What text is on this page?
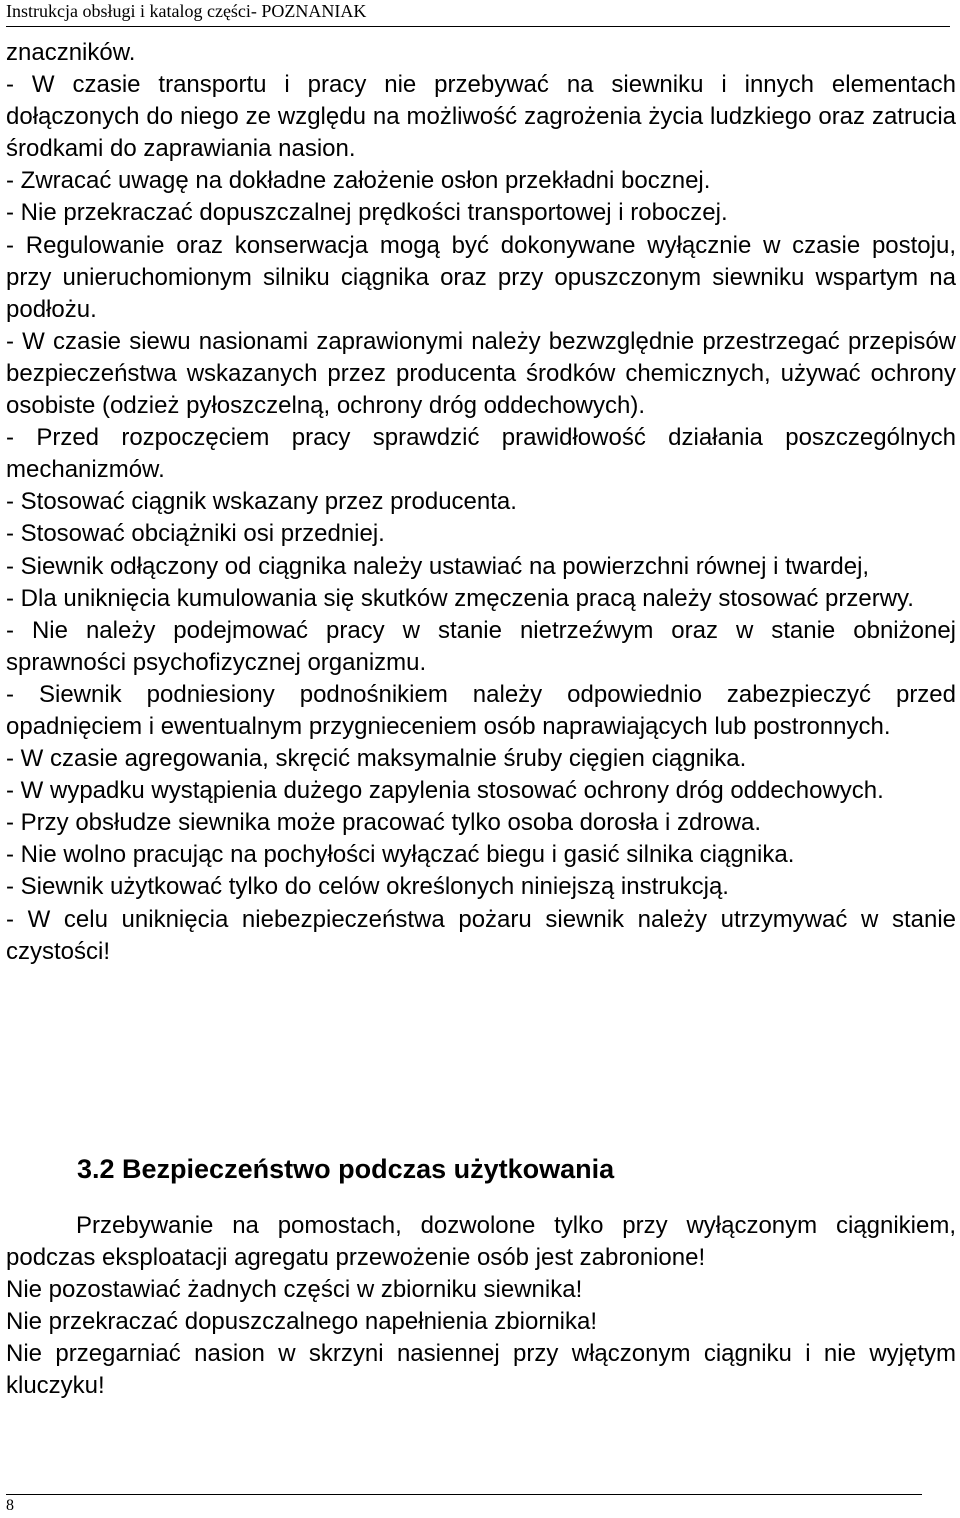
Instrukcja obsługi i katalog części- POZNANIAK

znaczników.

- W czasie transportu i pracy nie przebywać na siewniku i innych elementach dołączonych do niego ze względu na możliwość zagrożenia życia ludzkiego oraz zatrucia środkami do zaprawiania nasion.

- Zwracać uwagę na dokładne założenie osłon przekładni bocznej.

- Nie przekraczać dopuszczalnej prędkości transportowej i roboczej.

- Regulowanie oraz konserwacja mogą być dokonywane wyłącznie w czasie postoju, przy unieruchomionym silniku ciągnika oraz przy opuszczonym siewniku wspartym na podłożu.

- W czasie siewu nasionami zaprawionymi należy bezwzględnie przestrzegać przepisów bezpieczeństwa wskazanych przez producenta środków chemicznych, używać ochrony osobiste (odzież pyłoszczelną, ochrony dróg oddechowych).

- Przed rozpoczęciem pracy sprawdzić prawidłowość działania poszczególnych mechanizmów.

- Stosować ciągnik wskazany przez producenta.

- Stosować obciążniki osi przedniej.

- Siewnik odłączony od ciągnika należy ustawiać na powierzchni równej i twardej,

- Dla uniknięcia kumulowania się skutków zmęczenia pracą należy stosować przerwy.

- Nie należy podejmować pracy w stanie nietrzeźwym oraz w stanie obniżonej sprawności psychofizycznej organizmu.

- Siewnik podniesiony podnośnikiem należy odpowiednio zabezpieczyć przed opadnięciem i ewentualnym przygnieceniem osób naprawiających lub postronnych.

- W czasie agregowania, skręcić maksymalnie śruby cięgien ciągnika.

- W wypadku wystąpienia dużego zapylenia stosować ochrony dróg oddechowych.

- Przy obsłudze siewnika może pracować tylko osoba dorosła i zdrowa.

- Nie wolno pracując na pochyłości wyłączać biegu i gasić silnika ciągnika.

- Siewnik użytkować tylko do celów określonych niniejszą instrukcją.

- W celu uniknięcia niebezpieczeństwa pożaru siewnik należy utrzymywać w stanie czystości!

3.2 Bezpieczeństwo podczas użytkowania

Przebywanie na pomostach, dozwolone tylko przy wyłączonym ciągnikiem, podczas eksploatacji agregatu przewożenie osób jest zabronione!

Nie pozostawiać żadnych części w zbiorniku siewnika!

Nie przekraczać dopuszczalnego napełnienia zbiornika!

Nie przegarniać nasion w skrzyni nasiennej przy włączonym ciągniku i nie wyjętym kluczyku!

8
